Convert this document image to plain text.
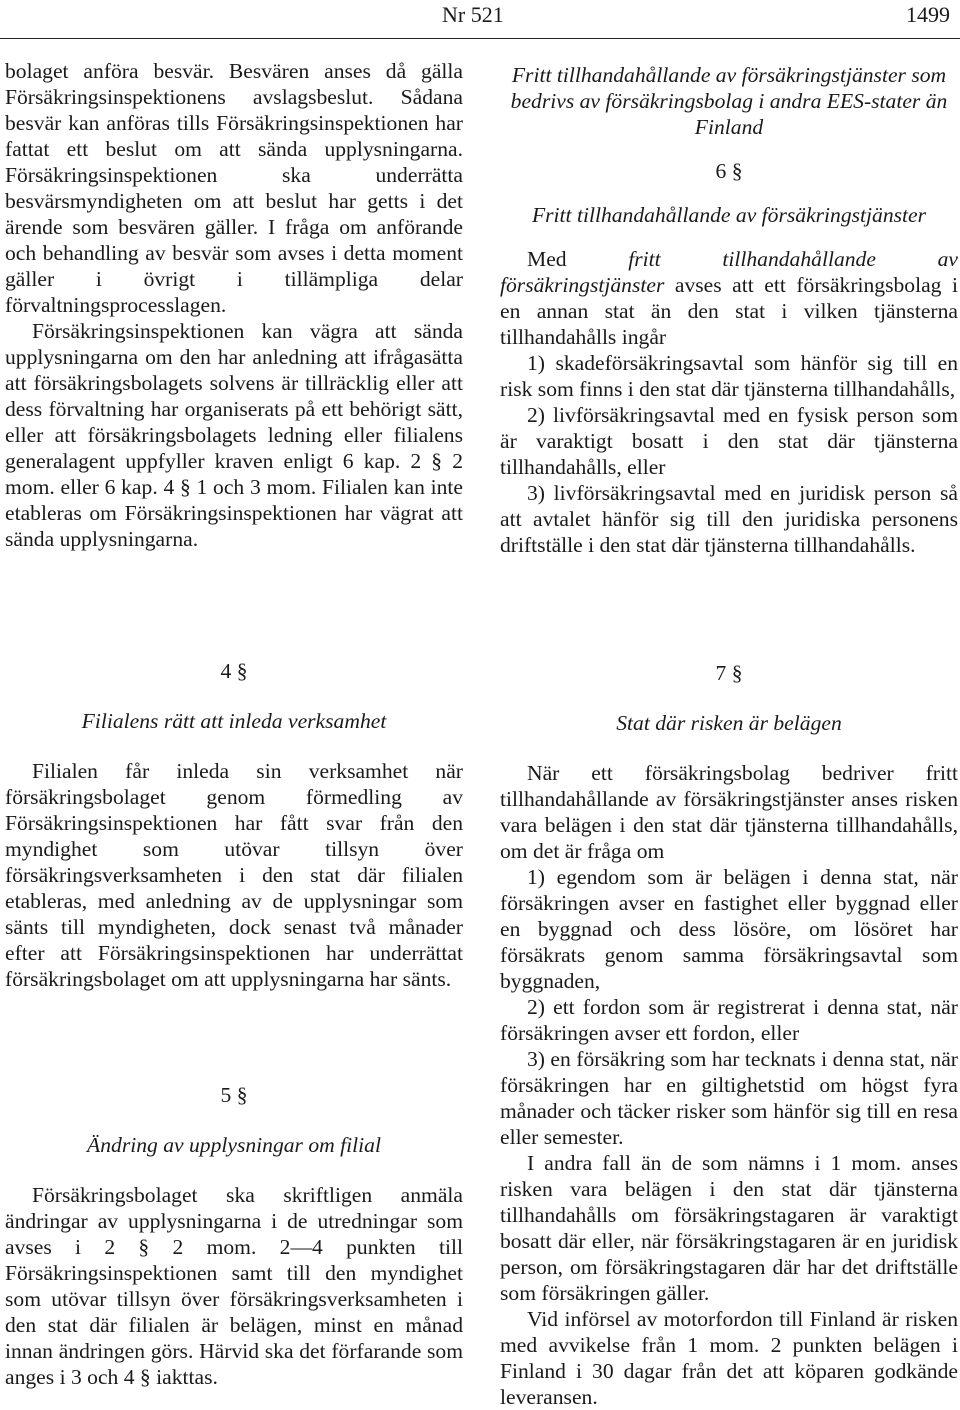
Nr 521	1499

bolaget anföra besvär. Besvären anses då gälla Försäkringsinspektionens avslagsbeslut. Sådana besvär kan anföras tills Försäkringsinspektionen har fattat ett beslut om att sända upplysningarna. Försäkringsinspektionen ska underrätta besvärsmyndigheten om att beslut har getts i det ärende som besvären gäller. I fråga om anförande och behandling av besvär som avses i detta moment gäller i övrigt i tillämpliga delar förvaltningsprocesslagen.

Försäkringsinspektionen kan vägra att sända upplysningarna om den har anledning att ifrågasätta att försäkringsbolagets solvens är tillräcklig eller att dess förvaltning har organiserats på ett behörigt sätt, eller att försäkringsbolagets ledning eller filialens generalagent uppfyller kraven enligt 6 kap. 2 § 2 mom. eller 6 kap. 4 § 1 och 3 mom. Filialen kan inte etableras om Försäkringsinspektionen har vägrat att sända upplysningarna.

Fritt tillhandahållande av försäkringstjänster som bedrivs av försäkringsbolag i andra EES-stater än Finland

6 §

Fritt tillhandahållande av försäkringstjänster

Med fritt tillhandahållande av försäkringstjänster avses att ett försäkringsbolag i en annan stat än den stat i vilken tjänsterna tillhandahålls ingår

1) skadeförsäkringsavtal som hänför sig till en risk som finns i den stat där tjänsterna tillhandahålls,

2) livförsäkringsavtal med en fysisk person som är varaktigt bosatt i den stat där tjänsterna tillhandahålls, eller

3) livförsäkringsavtal med en juridisk person så att avtalet hänför sig till den juridiska personens driftställe i den stat där tjänsterna tillhandahålls.

4 §

Filialens rätt att inleda verksamhet

Filialen får inleda sin verksamhet när försäkringsbolaget genom förmedling av Försäkringsinspektionen har fått svar från den myndighet som utövar tillsyn över försäkringsverksamheten i den stat där filialen etableras, med anledning av de upplysningar som sänts till myndigheten, dock senast två månader efter att Försäkringsinspektionen har underrättat försäkringsbolaget om att upplysningarna har sänts.

5 §

Ändring av upplysningar om filial

Försäkringsbolaget ska skriftligen anmäla ändringar av upplysningarna i de utredningar som avses i 2 § 2 mom. 2—4 punkten till Försäkringsinspektionen samt till den myndighet som utövar tillsyn över försäkringsverksamheten i den stat där filialen är belägen, minst en månad innan ändringen görs. Härvid ska det förfarande som anges i 3 och 4 § iakttas.

7 §

Stat där risken är belägen

När ett försäkringsbolag bedriver fritt tillhandahållande av försäkringstjänster anses risken vara belägen i den stat där tjänsterna tillhandahålls, om det är fråga om

1) egendom som är belägen i denna stat, när försäkringen avser en fastighet eller byggnad eller en byggnad och dess lösöre, om lösöret har försäkrats genom samma försäkringsavtal som byggnaden,

2) ett fordon som är registrerat i denna stat, när försäkringen avser ett fordon, eller

3) en försäkring som har tecknats i denna stat, när försäkringen har en giltighetstid om högst fyra månader och täcker risker som hänför sig till en resa eller semester.

I andra fall än de som nämns i 1 mom. anses risken vara belägen i den stat där tjänsterna tillhandahålls om försäkringstagaren är varaktigt bosatt där eller, när försäkringstagaren är en juridisk person, om försäkringstagaren där har det driftställe som försäkringen gäller.

Vid införsel av motorfordon till Finland är risken med avvikelse från 1 mom. 2 punkten belägen i Finland i 30 dagar från det att köparen godkände leveransen.
